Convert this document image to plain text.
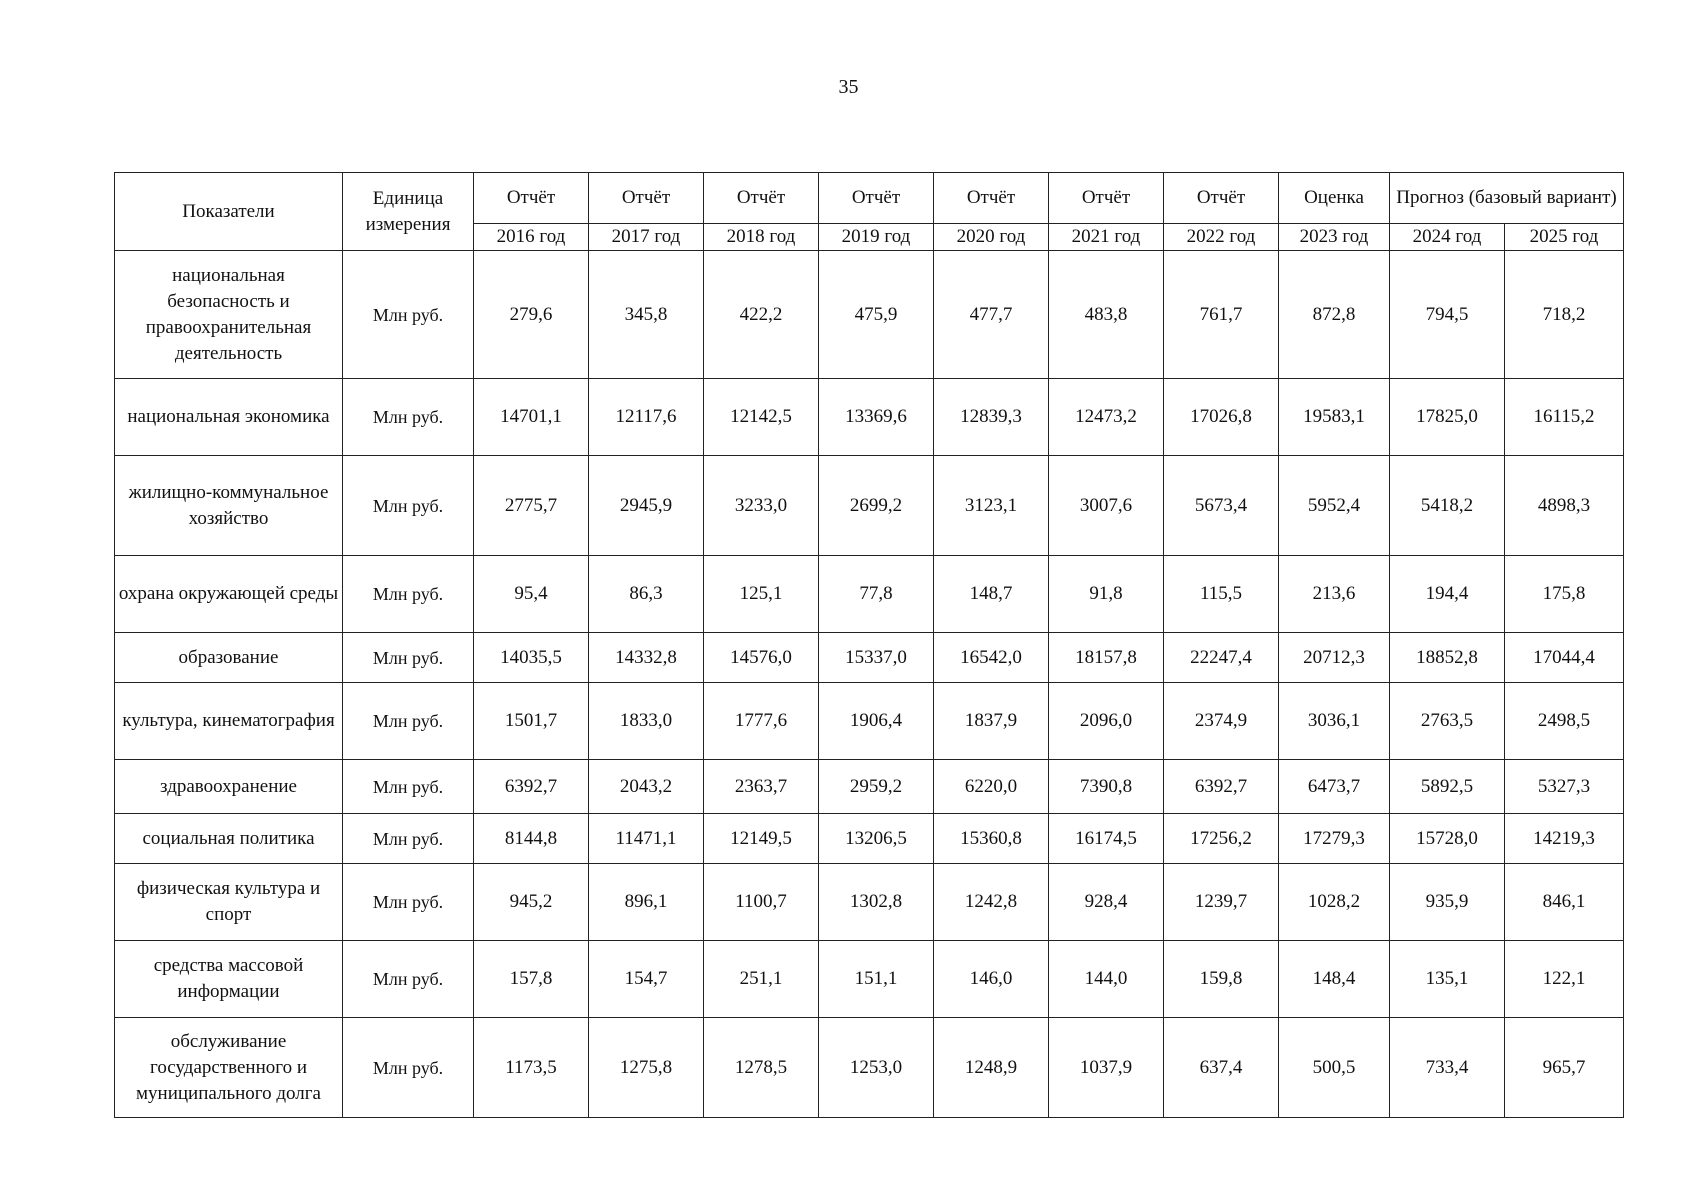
35
Показатели	Единица измерения	Отчёт	Отчёт	Отчёт	Отчёт	Отчёт	Отчёт	Отчёт	Оценка	Прогноз (базовый вариант)	
		2016 год	2017 год	2018 год	2019 год	2020 год	2021 год	2022 год	2023 год	2024 год	2025 год
национальная безопасность и правоохранительная деятельность	Млн руб.	279,6	345,8	422,2	475,9	477,7	483,8	761,7	872,8	794,5	718,2
национальная экономика	Млн руб.	14701,1	12117,6	12142,5	13369,6	12839,3	12473,2	17026,8	19583,1	17825,0	16115,2
жилищно-коммунальное хозяйство	Млн руб.	2775,7	2945,9	3233,0	2699,2	3123,1	3007,6	5673,4	5952,4	5418,2	4898,3
охрана окружающей среды	Млн руб.	95,4	86,3	125,1	77,8	148,7	91,8	115,5	213,6	194,4	175,8
образование	Млн руб.	14035,5	14332,8	14576,0	15337,0	16542,0	18157,8	22247,4	20712,3	18852,8	17044,4
культура, кинематография	Млн руб.	1501,7	1833,0	1777,6	1906,4	1837,9	2096,0	2374,9	3036,1	2763,5	2498,5
здравоохранение	Млн руб.	6392,7	2043,2	2363,7	2959,2	6220,0	7390,8	6392,7	6473,7	5892,5	5327,3
социальная политика	Млн руб.	8144,8	11471,1	12149,5	13206,5	15360,8	16174,5	17256,2	17279,3	15728,0	14219,3
физическая культура и спорт	Млн руб.	945,2	896,1	1100,7	1302,8	1242,8	928,4	1239,7	1028,2	935,9	846,1
средства массовой информации	Млн руб.	157,8	154,7	251,1	151,1	146,0	144,0	159,8	148,4	135,1	122,1
обслуживание государственного и муниципального долга	Млн руб.	1173,5	1275,8	1278,5	1253,0	1248,9	1037,9	637,4	500,5	733,4	965,7
